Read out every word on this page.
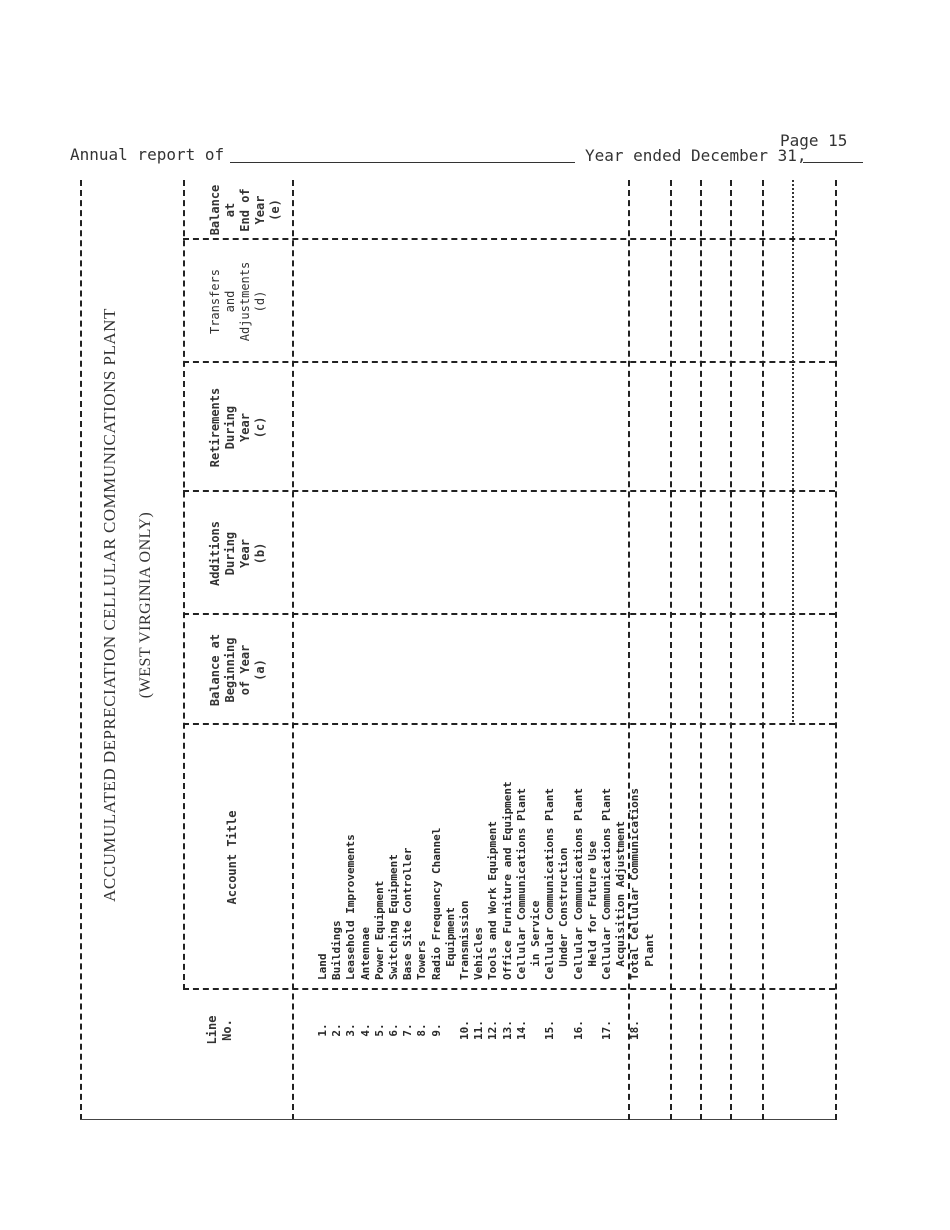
Annual report of	Year ended December 31,
Page 15
ACCUMULATED DEPRECIATION CELLULAR COMMUNICATIONS PLANT (WEST VIRGINIA ONLY)
Line No.
Account Title
Balance at Beginning of Year (a)
Additions During Year (b)
Retirements During Year (c)
Transfers and Adjustments (d)
Balance at End of Year (e)
1. 2. 3. 4. 5. 6. 7. 8. 9.
10. 11. 12. 13. 14.
15.
16.
17.
18.

Land Buildings Leasehold Improvements Antennae Power Equipment Switching Equipment Base Site Controller Towers Radio Frequency Channel Equipment Transmission Vehicles Tools and Work Equipment Office Furniture and Equipment Cellular Communications Plant in Service Cellular Communications Plant Under Construction Cellular Communications Plant Held for Future Use Cellular Communications Plant Acquisition Adjustment Total Cellular Communications Plant
